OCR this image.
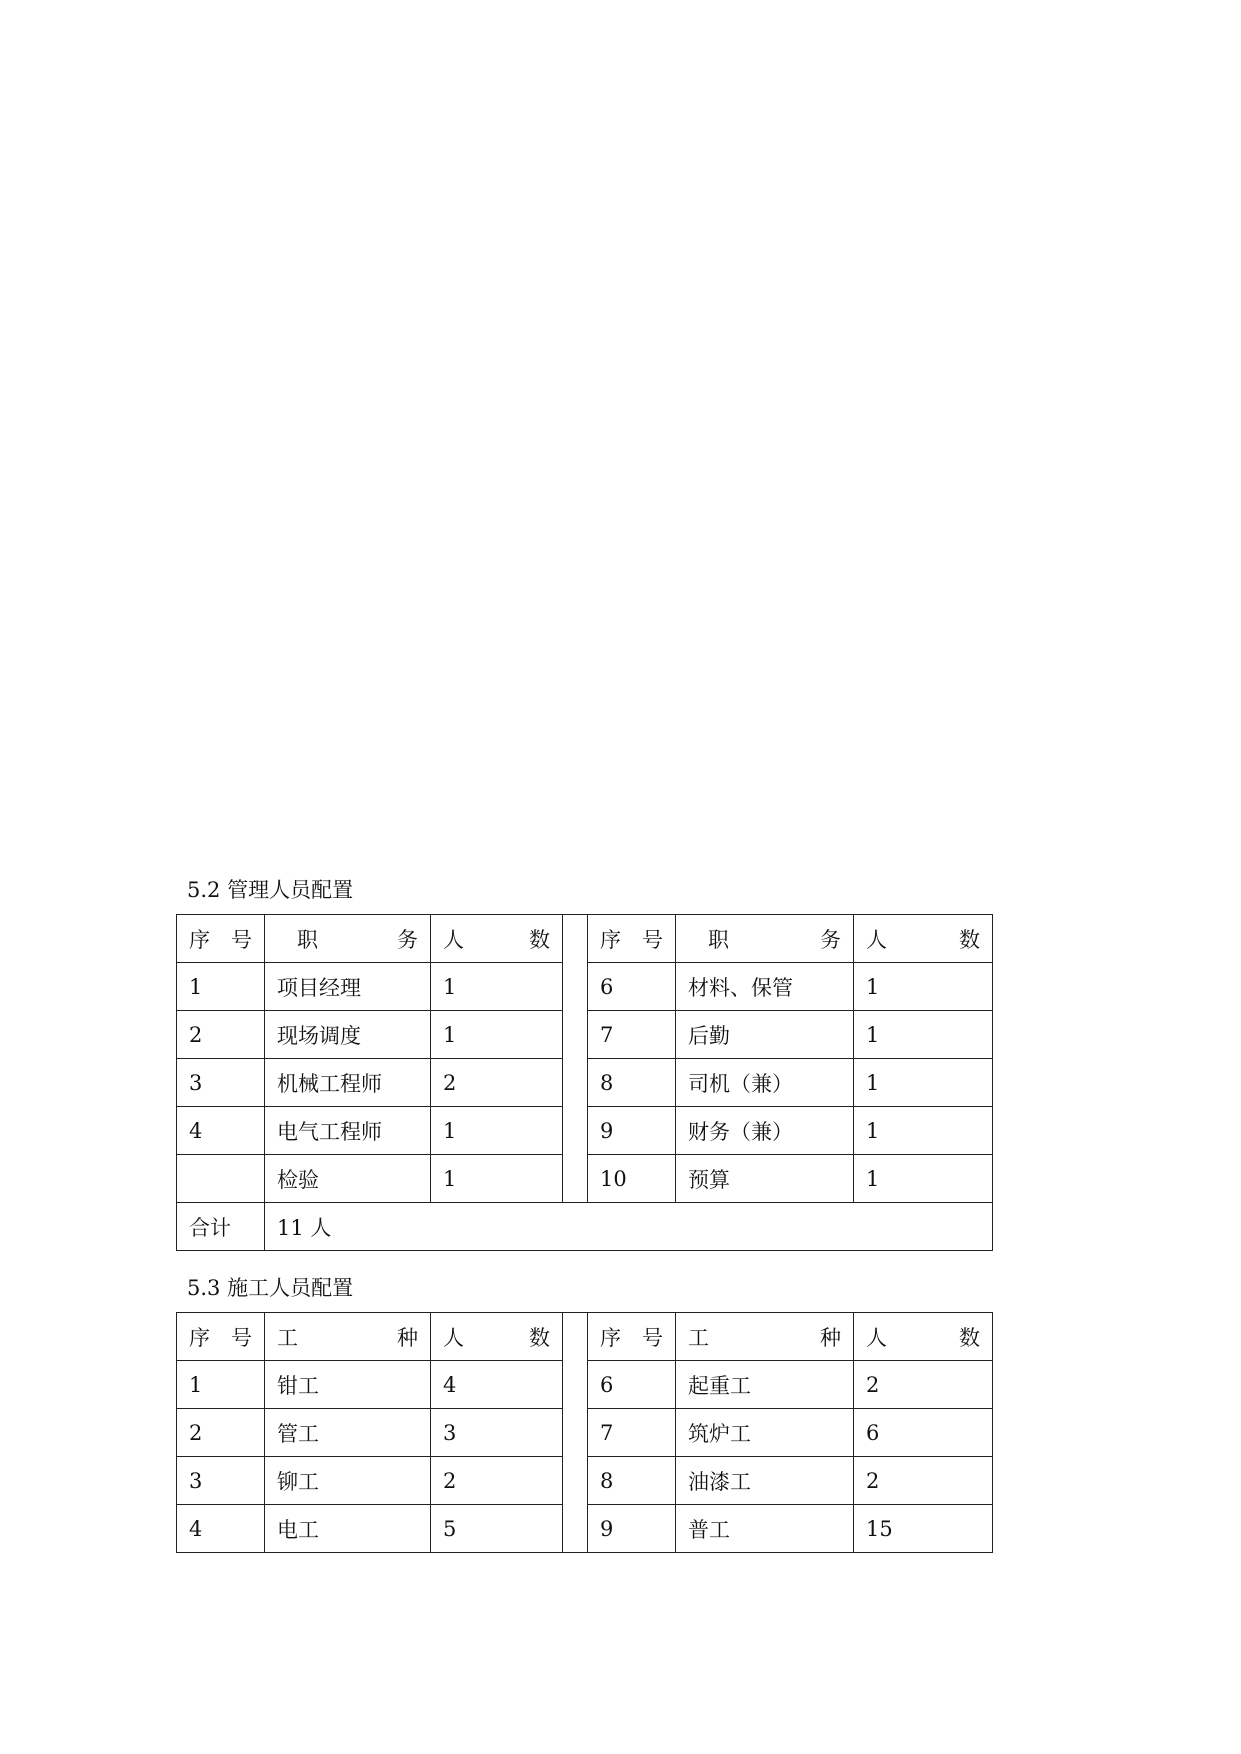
5.2 管理人员配置
序 号	职 务	人 数		序 号	职 务	人 数

1	项目经理	1		6	材料、保管	1
2	现场调度	1		7	后勤	1
3	机械工程师	2		8	司机（兼）	1
4	电气工程师	1		9	财务（兼）	1
	检验	1		10	预算	1
合计	11 人					
5.3 施工人员配置
序 号	工 种	人 数		序 号	工 种	人 数

1	钳工	4		6	起重工	2
2	管工	3		7	筑炉工	6
3	铆工	2		8	油漆工	2
4	电工	5		9	普工	15
